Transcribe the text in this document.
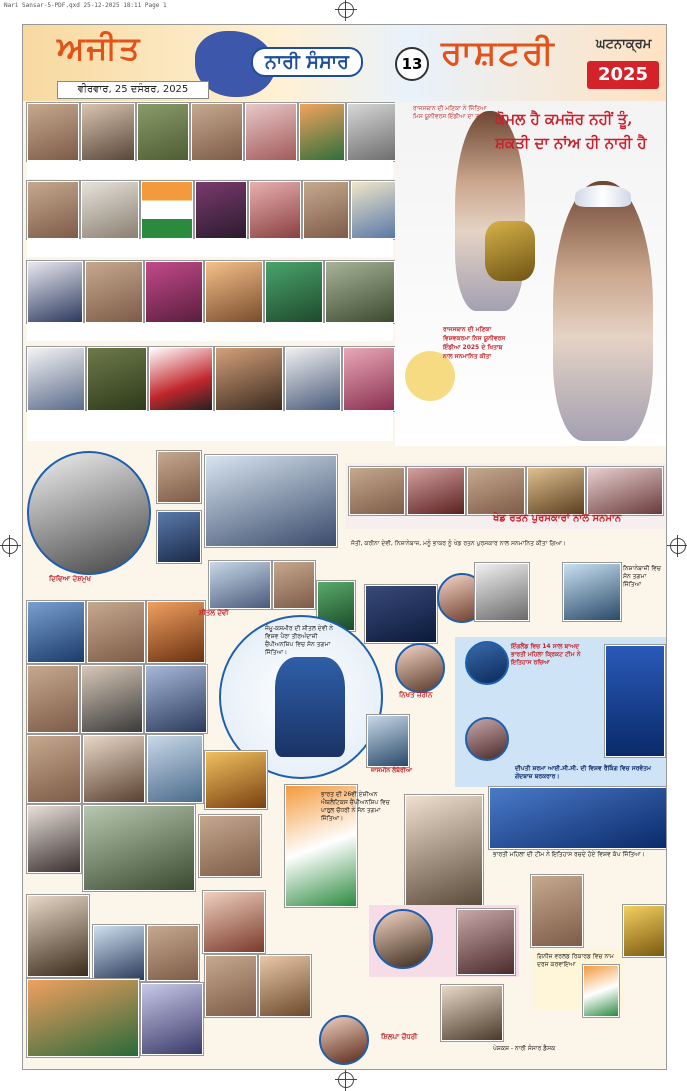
Nari Sansar-5-PDF.qxd 25-12-2025 18:11 Page 1
ਅਜੀਤ	ਨਾਰੀ ਸੰਸਾਰ	13 ਰਾਸ਼ਟਰੀ	ਘਟਨਾਕ੍ਰਮ
2025
ਵੀਰਵਾਰ, 25 ਦਸੰਬਰ, 2025

ਕੋਮਲ ਹੈ ਕਮਜ਼ੋਰ ਨਹੀਂ ਤੂੰ,
ਸ਼ਕਤੀ ਦਾ ਨਾਂਅ ਹੀ ਨਾਰੀ ਹੈ
ਰਾਜਸਥਾਨ ਦੀ ਮਣਿਕਾ ਨੇ ਜਿੱਤਿਆ ਮਿਸ ਯੂਨੀਵਰਸ ਇੰਡੀਆ ਦਾ ਤਾਜ
ਰਾਜਸਥਾਨ ਦੀ ਮਣਿਕਾ ਵਿਸ਼ਵਕਰਮਾ ਨਿਸ ਯੂਨੀਵਰਸ ਇੰਡੀਆ 2025 ਦੇ ਖਿਤਾਬ ਨਾਲ ਸਨਮਾਨਿਤ ਕੀਤਾ
ਖੇਡ ਰਤਨ ਪੁਰਸਕਾਰਾਂ ਨਾਲ ਸਨਮਾਨ
ਜੋਤੀ, ਕਰੀਨਾ ਦੇਵੀ, ਨਿਸ਼ਾਨੇਬਾਜ਼, ਮਨੂੰ ਭਾਕਰ ਨੂੰ ਖੇਡ ਰਤਨ ਪੁਰਸਕਾਰ ਨਾਲ ਸਨਮਾਨਿਤ ਕੀਤਾ ਗਿਆ।
ਦਿਵਿਆ ਦੇਸ਼ਮੁਖ

ਸ਼ੀਤਲ ਦੇਵੀ
ਜੰਮੂ-ਕਸ਼ਮੀਰ ਦੀ ਸ਼ੀਤਲ ਦੇਵੀ ਨੇ ਵਿਸ਼ਵ ਪੈਰਾ ਤੀਰਅੰਦਾਜ਼ੀ ਚੈਂਪੀਅਨਸ਼ਿਪ ਵਿਚ ਸੋਨ ਤਗਮਾ ਜਿੱਤਿਆ।
ਭਾਰਤ ਦੀ 26ਵੀਂ ਏਸ਼ੀਅਨ ਐਥਲੈਟਿਕਸ ਚੈਂਪੀਅਨਸ਼ਿਪ ਵਿਚ ਪਾਰੁਲ ਚੌਧਰੀ ਨੇ ਸੋਨ ਤਗਮਾ ਜਿੱਤਿਆ।
ਨਿਸ਼ਾਨੇਬਾਜ਼ੀ ਵਿਚ ਸੋਨ ਤਗਮਾ ਜਿੱਤਿਆ
ਨਿਖਤ ਜ਼ਰੀਨ
ਇੰਗਲੈਂਡ ਵਿਚ 14 ਸਾਲ ਬਾਅਦ ਭਾਰਤੀ ਮਹਿਲਾ ਕ੍ਰਿਕਟ ਟੀਮ ਨੇ ਇਤਿਹਾਸ ਰਚਿਆ
ਦੀਪਤੀ ਸ਼ਰਮਾ ਆਈ.ਸੀ.ਸੀ. ਦੀ ਵਿਸ਼ਵ ਰੈਂਕਿੰਗ ਵਿਚ ਸਰਵੋਤਮ ਗੇਂਦਬਾਜ਼ ਬਰਕਰਾਰ।
ਜਾਸਮੀਨ ਲੰਬੋਰੀਆ
ਭਾਰਤੀ ਮਹਿਲਾ ਦੀ ਟੀਮ ਨੇ ਇਤਿਹਾਸ ਰਚਦੇ ਹੋਏ ਵਿਸ਼ਵ ਕੱਪ ਜਿੱਤਿਆ।
ਗਿਨੀਜ਼ ਵਰਲਡ ਰਿਕਾਰਡ ਵਿਚ ਨਾਮ ਦਰਜ ਕਰਵਾਇਆ
ਸ਼ਿਲਪਾ ਚੌਧਰੀ
ਪੇਸ਼ਕਸ਼ - ਨਾਰੀ ਸੰਸਾਰ ਡੈਸਕ
